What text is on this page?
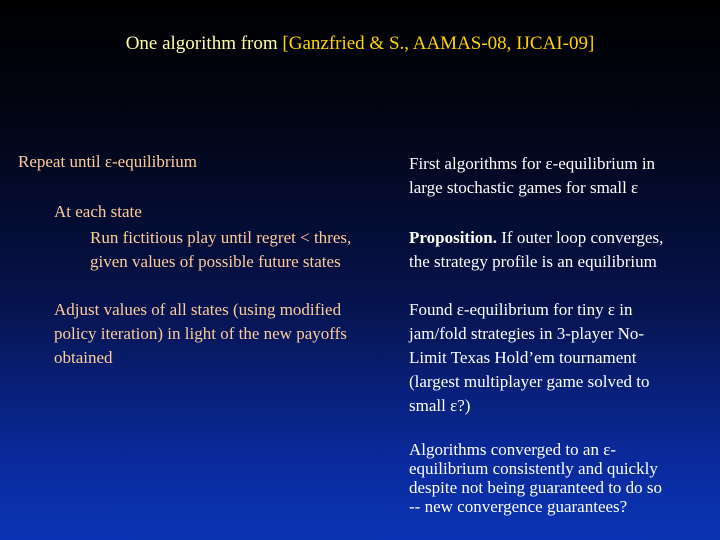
One algorithm from [Ganzfried & S., AAMAS-08, IJCAI-09]
Repeat until ε-equilibrium
At each state
Run fictitious play until regret < thres,
given values of possible future states
Adjust values of all states (using modified
policy iteration) in light of the new payoffs
obtained
First algorithms for ε-equilibrium in
large stochastic games for small ε
Proposition. If outer loop converges,
the strategy profile is an equilibrium
Found ε-equilibrium for tiny ε in
jam/fold strategies in 3-player No-
Limit Texas Hold’em tournament
(largest multiplayer game solved to
small ε?)
Algorithms converged to an ε-
equilibrium consistently and quickly
despite not being guaranteed to do so
-- new convergence guarantees?
